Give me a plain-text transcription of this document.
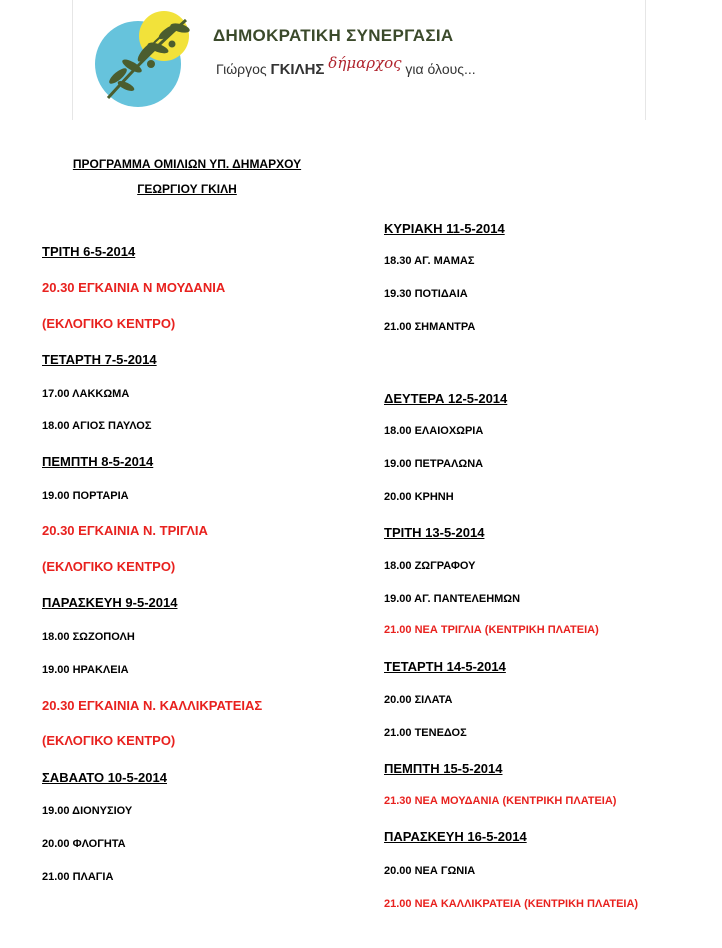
ΔΗΜΟΚΡΑΤΙΚΗ ΣΥΝΕΡΓΑΣΙΑ
Γιώργος ΓΚΙΛΗΣ δήμαρχος για όλους...
ΠΡΟΓΡΑΜΜΑ ΟΜΙΛΙΩΝ ΥΠ. ΔΗΜΑΡΧΟΥ
ΓΕΩΡΓΙΟΥ ΓΚΙΛΗ
ΤΡΙΤΗ 6-5-2014
20.30 ΕΓΚΑΙΝΙΑ Ν ΜΟΥΔΑΝΙΑ
(ΕΚΛΟΓΙΚΟ ΚΕΝΤΡΟ)
ΤΕΤΑΡΤΗ 7-5-2014
17.00 ΛΑΚΚΩΜΑ
18.00 ΑΓΙΟΣ ΠΑΥΛΟΣ
ΠΕΜΠΤΗ 8-5-2014
19.00 ΠΟΡΤΑΡΙΑ
20.30 ΕΓΚΑΙΝΙΑ Ν. ΤΡΙΓΛΙΑ
(ΕΚΛΟΓΙΚΟ ΚΕΝΤΡΟ)
ΠΑΡΑΣΚΕΥΗ 9-5-2014
18.00 ΣΩΖΟΠΟΛΗ
19.00 ΗΡΑΚΛΕΙΑ
20.30 ΕΓΚΑΙΝΙΑ Ν. ΚΑΛΛΙΚΡΑΤΕΙΑΣ
(ΕΚΛΟΓΙΚΟ ΚΕΝΤΡΟ)
ΣΑΒΑΑΤΟ 10-5-2014
19.00 ΔΙΟΝΥΣΙΟΥ
20.00 ΦΛΟΓΗΤΑ
21.00 ΠΛΑΓΙΑ
ΚΥΡΙΑΚΗ 11-5-2014
18.30 ΑΓ. ΜΑΜΑΣ
19.30 ΠΟΤΙΔΑΙΑ
21.00 ΣΗΜΑΝΤΡΑ
ΔΕΥΤΕΡΑ 12-5-2014
18.00 ΕΛΑΙΟΧΩΡΙΑ
19.00 ΠΕΤΡΑΛΩΝΑ
20.00 ΚΡΗΝΗ
ΤΡΙΤΗ 13-5-2014
18.00 ΖΩΓΡΑΦΟΥ
19.00 ΑΓ. ΠΑΝΤΕΛΕΗΜΩΝ
21.00 ΝΕΑ ΤΡΙΓΛΙΑ (ΚΕΝΤΡΙΚΗ ΠΛΑΤΕΙΑ)
ΤΕΤΑΡΤΗ 14-5-2014
20.00 ΣΙΛΑΤΑ
21.00 ΤΕΝΕΔΟΣ
ΠΕΜΠΤΗ 15-5-2014
21.30 ΝΕΑ ΜΟΥΔΑΝΙΑ (ΚΕΝΤΡΙΚΗ ΠΛΑΤΕΙΑ)
ΠΑΡΑΣΚΕΥΗ 16-5-2014
20.00 ΝΕΑ ΓΩΝΙΑ
21.00 ΝΕΑ ΚΑΛΛΙΚΡΑΤΕΙΑ (ΚΕΝΤΡΙΚΗ ΠΛΑΤΕΙΑ)
